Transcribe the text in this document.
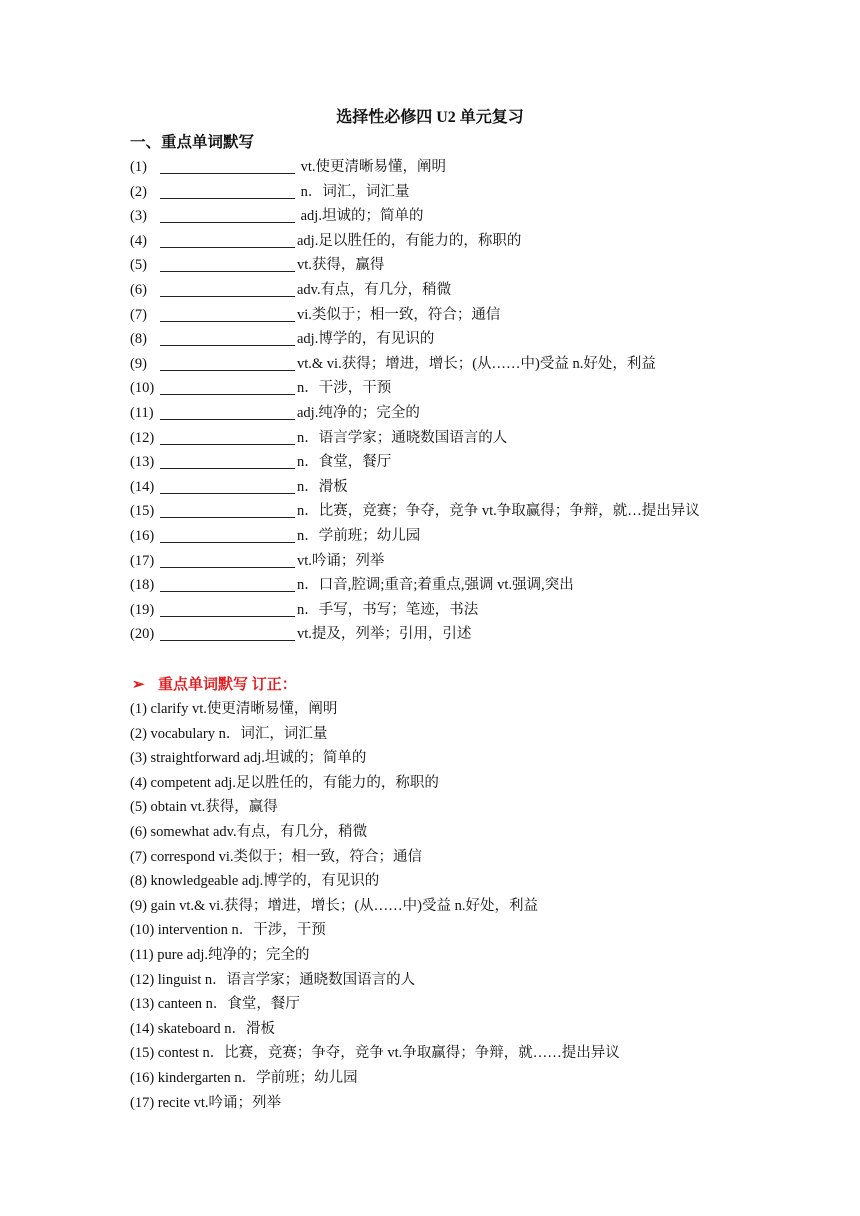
选择性必修四 U2 单元复习
一、重点单词默写
(1)	vt.使更清晰易懂，阐明
(2)	n．词汇，词汇量
(3)	adj.坦诚的；简单的
(4)	adj.足以胜任的，有能力的，称职的
(5)	vt.获得，赢得
(6)	adv.有点，有几分，稍微
(7)	vi.类似于；相一致，符合；通信
(8)	adj.博学的，有见识的
(9)	vt.& vi.获得；增进，增长；(从……中)受益 n.好处，利益
(10)	n．干涉，干预
(11)	adj.纯净的；完全的
(12)	n．语言学家；通晓数国语言的人
(13)	n．食堂，餐厅
(14)	n．滑板
(15)	n．比赛，竞赛；争夺，竞争 vt.争取赢得；争辩，就…提出异议
(16)	n．学前班；幼儿园
(17)	vt.吟诵；列举
(18)	n．口音,腔调;重音;着重点,强调 vt.强调,突出
(19)	n．手写，书写；笔迹，书法
(20)	vt.提及，列举；引用，引述
➢ 重点单词默写 订正：
(1) clarify vt.使更清晰易懂，阐明
(2) vocabulary n．词汇，词汇量
(3) straightforward adj.坦诚的；简单的
(4) competent adj.足以胜任的，有能力的，称职的
(5) obtain vt.获得，赢得
(6) somewhat adv.有点，有几分，稍微
(7) correspond vi.类似于；相一致，符合；通信
(8) knowledgeable adj.博学的，有见识的
(9) gain vt.& vi.获得；增进，增长；(从……中)受益 n.好处，利益
(10) intervention n．干涉，干预
(11) pure adj.纯净的；完全的
(12) linguist n．语言学家；通晓数国语言的人
(13) canteen n．食堂，餐厅
(14) skateboard n．滑板
(15) contest n．比赛，竞赛；争夺，竞争 vt.争取赢得；争辩，就……提出异议
(16) kindergarten n．学前班；幼儿园
(17) recite vt.吟诵；列举
